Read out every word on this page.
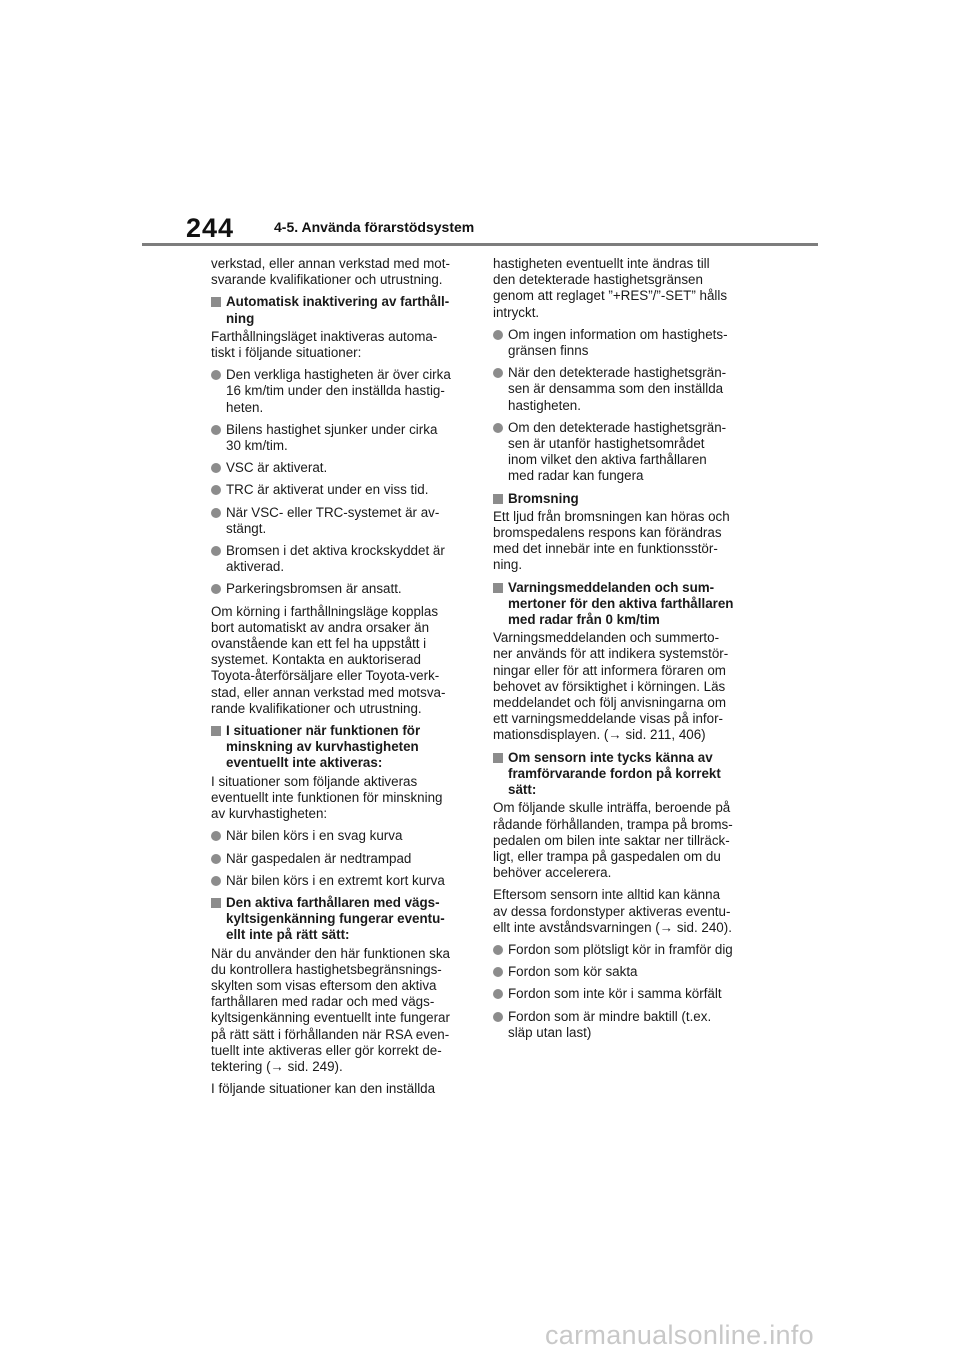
244	4-5. Använda förarstödsystem

verkstad, eller annan verkstad med mot-
svarande kvalifikationer och utrustning.

Automatisk inaktivering av farthåll-
ning

Farthållningsläget inaktiveras automa-
tiskt i följande situationer:

Den verkliga hastigheten är över cirka
16 km/tim under den inställda hastig-
heten.
Bilens hastighet sjunker under cirka
30 km/tim.
VSC är aktiverat.
TRC är aktiverat under en viss tid.
När VSC- eller TRC-systemet är av-
stängt.
Bromsen i det aktiva krockskyddet är
aktiverad.
Parkeringsbromsen är ansatt.

Om körning i farthållningsläge kopplas
bort automatiskt av andra orsaker än
ovanstående kan ett fel ha uppstått i
systemet. Kontakta en auktoriserad
Toyota-återförsäljare eller Toyota-verk-
stad, eller annan verkstad med motsva-
rande kvalifikationer och utrustning.

I situationer när funktionen för
minskning av kurvhastigheten
eventuellt inte aktiveras:

I situationer som följande aktiveras
eventuellt inte funktionen för minskning
av kurvhastigheten:

När bilen körs i en svag kurva
När gaspedalen är nedtrampad
När bilen körs i en extremt kort kurva
Den aktiva farthållaren med vägs-
kyltsigenkänning fungerar eventu-
ellt inte på rätt sätt:

När du använder den här funktionen ska
du kontrollera hastighetsbegränsnings-
skylten som visas eftersom den aktiva
farthållaren med radar och med vägs-
kyltsigenkänning eventuellt inte fungerar
på rätt sätt i förhållanden när RSA even-
tuellt inte aktiveras eller gör korrekt de-
tektering (→ sid. 249).

I följande situationer kan den inställda

hastigheten eventuellt inte ändras till
den detekterade hastighetsgränsen
genom att reglaget ”+RES”/”-SET” hålls
intryckt.

Om ingen information om hastighets-
gränsen finns
När den detekterade hastighetsgrän-
sen är densamma som den inställda
hastigheten.
Om den detekterade hastighetsgrän-
sen är utanför hastighetsområdet
inom vilket den aktiva farthållaren
med radar kan fungera
Bromsning

Ett ljud från bromsningen kan höras och
bromspedalens respons kan förändras
med det innebär inte en funktionsstör-
ning.

Varningsmeddelanden och sum-
mertoner för den aktiva farthållaren
med radar från 0 km/tim

Varningsmeddelanden och summerto-
ner används för att indikera systemstör-
ningar eller för att informera föraren om
behovet av försiktighet i körningen. Läs
meddelandet och följ anvisningarna om
ett varningsmeddelande visas på infor-
mationsdisplayen. (→ sid. 211, 406)

Om sensorn inte tycks känna av
framförvarande fordon på korrekt
sätt:

Om följande skulle inträffa, beroende på
rådande förhållanden, trampa på broms-
pedalen om bilen inte saktar ner tillräck-
ligt, eller trampa på gaspedalen om du
behöver accelerera.

Eftersom sensorn inte alltid kan känna
av dessa fordonstyper aktiveras eventu-
ellt inte avståndsvarningen (→ sid. 240).

Fordon som plötsligt kör in framför dig
Fordon som kör sakta
Fordon som inte kör i samma körfält
Fordon som är mindre baktill (t.ex.
släp utan last)
carmanualsonline.info
